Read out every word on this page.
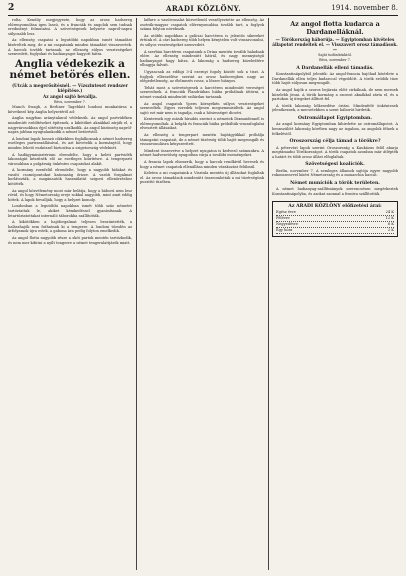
2	ARADI KÖZLÖNY.	1914. november 8.

rolta. Kendőy megjegyezte, hogy az orosz hadsereg előrenyomulása igen lassú, és a franciák és angolok sem tudnak eredményt felmutatni. A szövetségesek helyzete napról-napra súlyosabb lesz.

Az ellenség csapatai a legutóbbi napokban ismét támadást kíséreltek meg, de a mi csapataink minden támadást visszavertek. A harcok tovább tartanak, az ellenség súlyos veszteségeket szenvedett, foglyokat és hadianyagot hagyott hátra.

Anglia védekezik a német betörés ellen.
(Utcák a megerősítésnél. — Vízszinteset rendszer kiépítése.)
Az angol sajtó bevallja.
Bécs, november 7.

Munch Swagh, a Berliner Tageblatt londoni munkatársa a következő kép Anglia helyzetéről ad:

Anglia nagyban aránytalanul védekezik. Az angol partvidéken mindenütt erődítéseket építenek, a kikötőket aknákkal zárják el, a nagyvárosokban éjjel sötétség uralkodik. Az angol közönség napról-napra jobban nyugtalankodik a német betöréstől.

A londoni lapok hosszú cikkekben foglalkoznak a német hadsereg esetleges partraszállásával, és azt követelik a kormánytól, hogy minden lehető eszközzel biztosítsa a szigetország védelmét.

A hadügyminisztérium elrendelte, hogy a keleti partvidék lakosságát készítsék elő az esetleges kiürítésre. A tengerparti városokban a polgárság önkéntes csapatokat alakít.

A kormány ezenfelül elrendelte, hogy a nagyobb hidakat és vasúti csomópontokat katonaság őrizze. A vasúti forgalmat korlátozták, a magánautók használatát szigorú ellenőrzéshez kötötték.

Az angol közvélemény most már belátja, hogy a háború nem lesz rövid, és hogy Németország ereje sokkal nagyobb, mint amit eddig hittek. A lapok bevallják, hogy a helyzet komoly.

Londonban a legutóbbi napokban ismét több száz németet tartóztattak le, akiket kémkedéssel gyanúsítanak. A letartóztatottakat internáló táborokba szállították.

A kikötőkben a hajóforgalmat teljesen beszüntették, a halászhajók sem futhatnak ki a tengerre. A londoni tőzsdén az árfolyamok újra estek, a gabona ára pedig folyton emelkedik.

Az angol flotta nagyobb része a skót partok mentén tartózkodik, és nem mer kifutni a nyílt tengerre a német tengeralattjárók miatt.

laffare a vasútvonalat közvetlenül veszélyeztette az ellenség. Az osztrák-magyar csapatok előrenyomulása tovább tart, a foglyok száma folyton növekszik.

Az utóbbi napokban a galíciai harctéren is jelentős sikereket értünk el. A cári hadsereg több helyen kénytelen volt visszavonulni, és súlyos veszteségeket szenvedett.

A szerbiai harctéren csapataink a Drina mentén tovább haladnak előre. Az ellenség mindenütt hátrál, és nagy mennyiségű hadianyagot hagy hátra. A lakosság a hadsereg közeledtére elhagyja falvait.

Ugyancsak az eddigi 3-4 ezernyi fogoly között sok a tiszt. A foglyok elbeszélése szerint az orosz hadseregben nagy az elégedetlenség, az élelmezés rossz, a lőszer hiányos.

Tehát most a szövetségesek a harctéren mindenütt vereséget szenvednek. A franciák Flandriában hiába próbálnak áttörni, a német vonalak mindenütt szilárdan tartanak.

Az angol csapatok Ypern környékén súlyos veszteségeket szenvedtek. Egyes ezredek teljesen megsemmisültek. Az angol sajtó ezt már nem is tagadja, csak a hősiességet dicséri.

Kenternek egy másik híradás szerint a németek Dixmuidennél is előrenyomultak. A belgák és franciák hiába próbálták visszafoglalni elvesztett állásaikat.

Az ellenség a tengerpart mentén hajóágyúkkal próbálja támogatni csapatait, de a német tüzérség több hajót megrongált és visszavonulásra kényszerített.

Mindent összevetve a helyzet nyugaton is kedvező számunkra. A német hadvezetőség nyugodtan várja a további eseményeket.

A francia lapok elismerik, hogy a harcok rendkívül hevesek és hogy a német csapatok ellenállása minden várakozást felülmúl.

Keleten a mi csapataink a Visztula mentén új állásokat foglaltak el. Az orosz támadások mindenütt összeomlottak a mi tüzérségünk pusztító tüzében.

Az angol flotta kudarca a Dardanelláknál.
— Törökország háborúja. — Egyiptomban kivételes állapotot rendeltek el. — Visszavert orosz támadások. —
Saját tudósítónktól.
Bécs, november 7.
A Dardanellák elleni támadás.

Konstantinápolyból jelentik: Az angol-francia hajóhad kísérlete a Dardanellák ellen teljes kudarccal végződött. A török erődök tüze több hajót súlyosan megrongált.

Az angol hajók a szoros bejárata előtt cirkálnak, de nem mernek közelebb jönni. A török kormány a szorost aknákkal zárta el, és a partokon új ütegeket állított fel.

A török lakosság lelkesedése óriási. Mindenfelé önkéntesek jelentkeznek, a mecsetekben a szent háborút hirdetik.

Ostromállapot Egyiptomban.

Az angol kormány Egyiptomban kihirdette az ostromállapotot. A bennszülött lakosság körében nagy az izgalom, az angolok félnek a felkeléstől.

Oroszország célja támad a törökre?

A pétervári lapok szerint Oroszország a Kaukázus felől akarja megtámadni Törökországot. A török csapatok azonban már átlépték a határt és több orosz állást elfoglaltak.

Szövetségesi koalíciók.

Berlin, november 7. A semleges államok sajtója egyre nagyobb rokonszenvvel kíséri Németország és a monarchia harcát.

Német muníciók a török területen.

A német hadianyag-szállítmányok szerencsésen megérkeztek Konstantinápolyba, és azokat azonnal a frontra szállították.

Az ARADI KÖZLÖNY előfizetési árai:
Egész évre	24 K
Félévre	12 K
Negyedévre	6 K
Egy hóra	2 K
